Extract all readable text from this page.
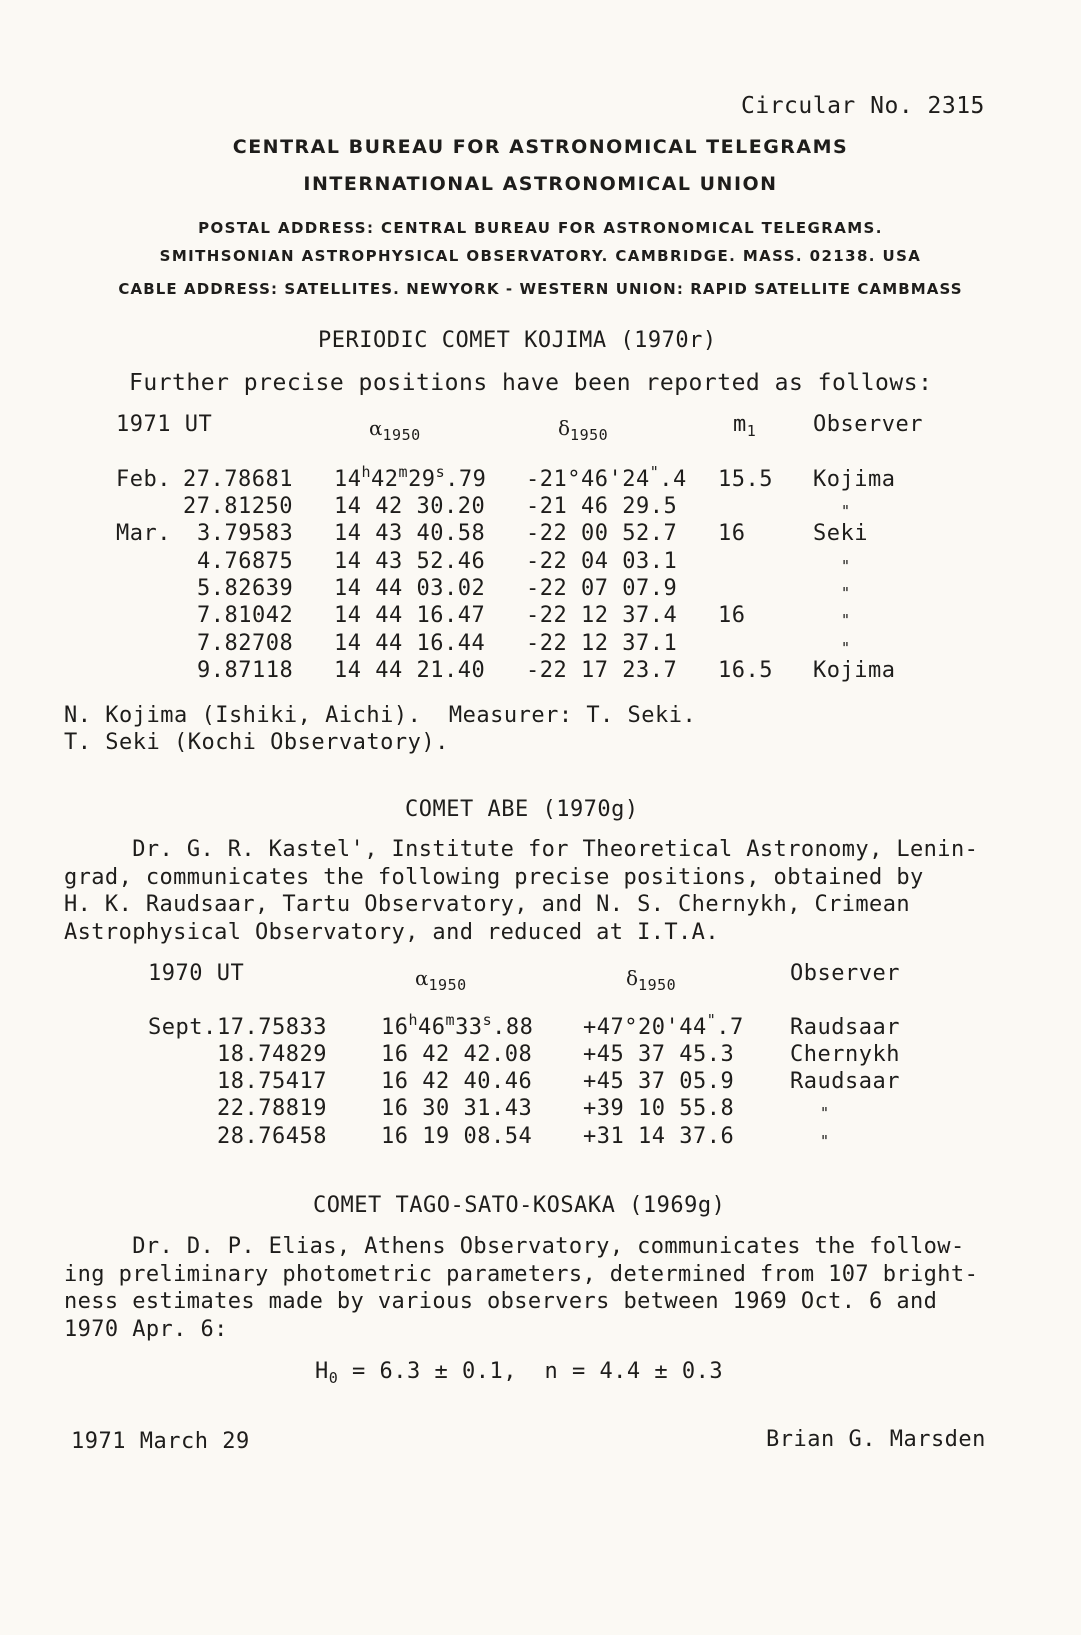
Circular No. 2315
CENTRAL BUREAU FOR ASTRONOMICAL TELEGRAMS
INTERNATIONAL ASTRONOMICAL UNION
POSTAL ADDRESS: CENTRAL BUREAU FOR ASTRONOMICAL TELEGRAMS.
SMITHSONIAN ASTROPHYSICAL OBSERVATORY. CAMBRIDGE. MASS. 02138. USA
CABLE ADDRESS: SATELLITES. NEWYORK - WESTERN UNION: RAPID SATELLITE CAMBMASS
PERIODIC COMET KOJIMA (1970r)
Further precise positions have been reported as follows:
1971 UT	$\alpha_{1950}$	$\delta_{1950}$	$m_1$	Observer
Feb. 27.78681 14$^h$42$^m$29$^s$.79 -21°46'24".4 15.5 Kojima
27.81250 14 42 30.20 -21 46 29.5	"
Mar. 3.79583 14 43 40.58 -22 00 52.7 16	Seki
4.76875 14 43 52.46 -22 04 03.1	"
5.82639 14 44 03.02 -22 07 07.9	"
7.81042 14 44 16.47 -22 12 37.4 16	"
7.82708 14 44 16.44 -22 12 37.1	"
9.87118 14 44 21.40 -22 17 23.7 16.5 Kojima
N. Kojima (Ishiki, Aichi).  Measurer: T. Seki.
T. Seki (Kochi Observatory).
COMET ABE (1970g)
Dr. G. R. Kastel', Institute for Theoretical Astronomy, Lenin-
grad, communicates the following precise positions, obtained by
H. K. Raudsaar, Tartu Observatory, and N. S. Chernykh, Crimean
Astrophysical Observatory, and reduced at I.T.A.
1970 UT	$\alpha_{1950}$	$\delta_{1950}$	Observer
Sept. 17.75833 $16^h46^m33^s.88 +47^\circ 20'44^".7$ Raudsaar
18.74829 16 42 42.08 +45 37 45.3	Chernykh
18.75417 16 42 40.46 +45 37 05.9	Raudsaar
22.78819 16 30 31.43 +39 10 55.8	"
28.76458 16 19 08.54 +31 14 37.6	"
COMET TAGO-SATO-KOSAKA (1969g)
Dr. D. P. Elias, Athens Observatory, communicates the follow-
ing preliminary photometric parameters, determined from 107 bright-
ness estimates made by various observers between 1969 Oct. 6 and
1970 Apr. 6:
$H_0 = 6.3 \pm 0.1$,  n = 4.4 ± 0.3
1971 March 29	Brian G. Marsden
